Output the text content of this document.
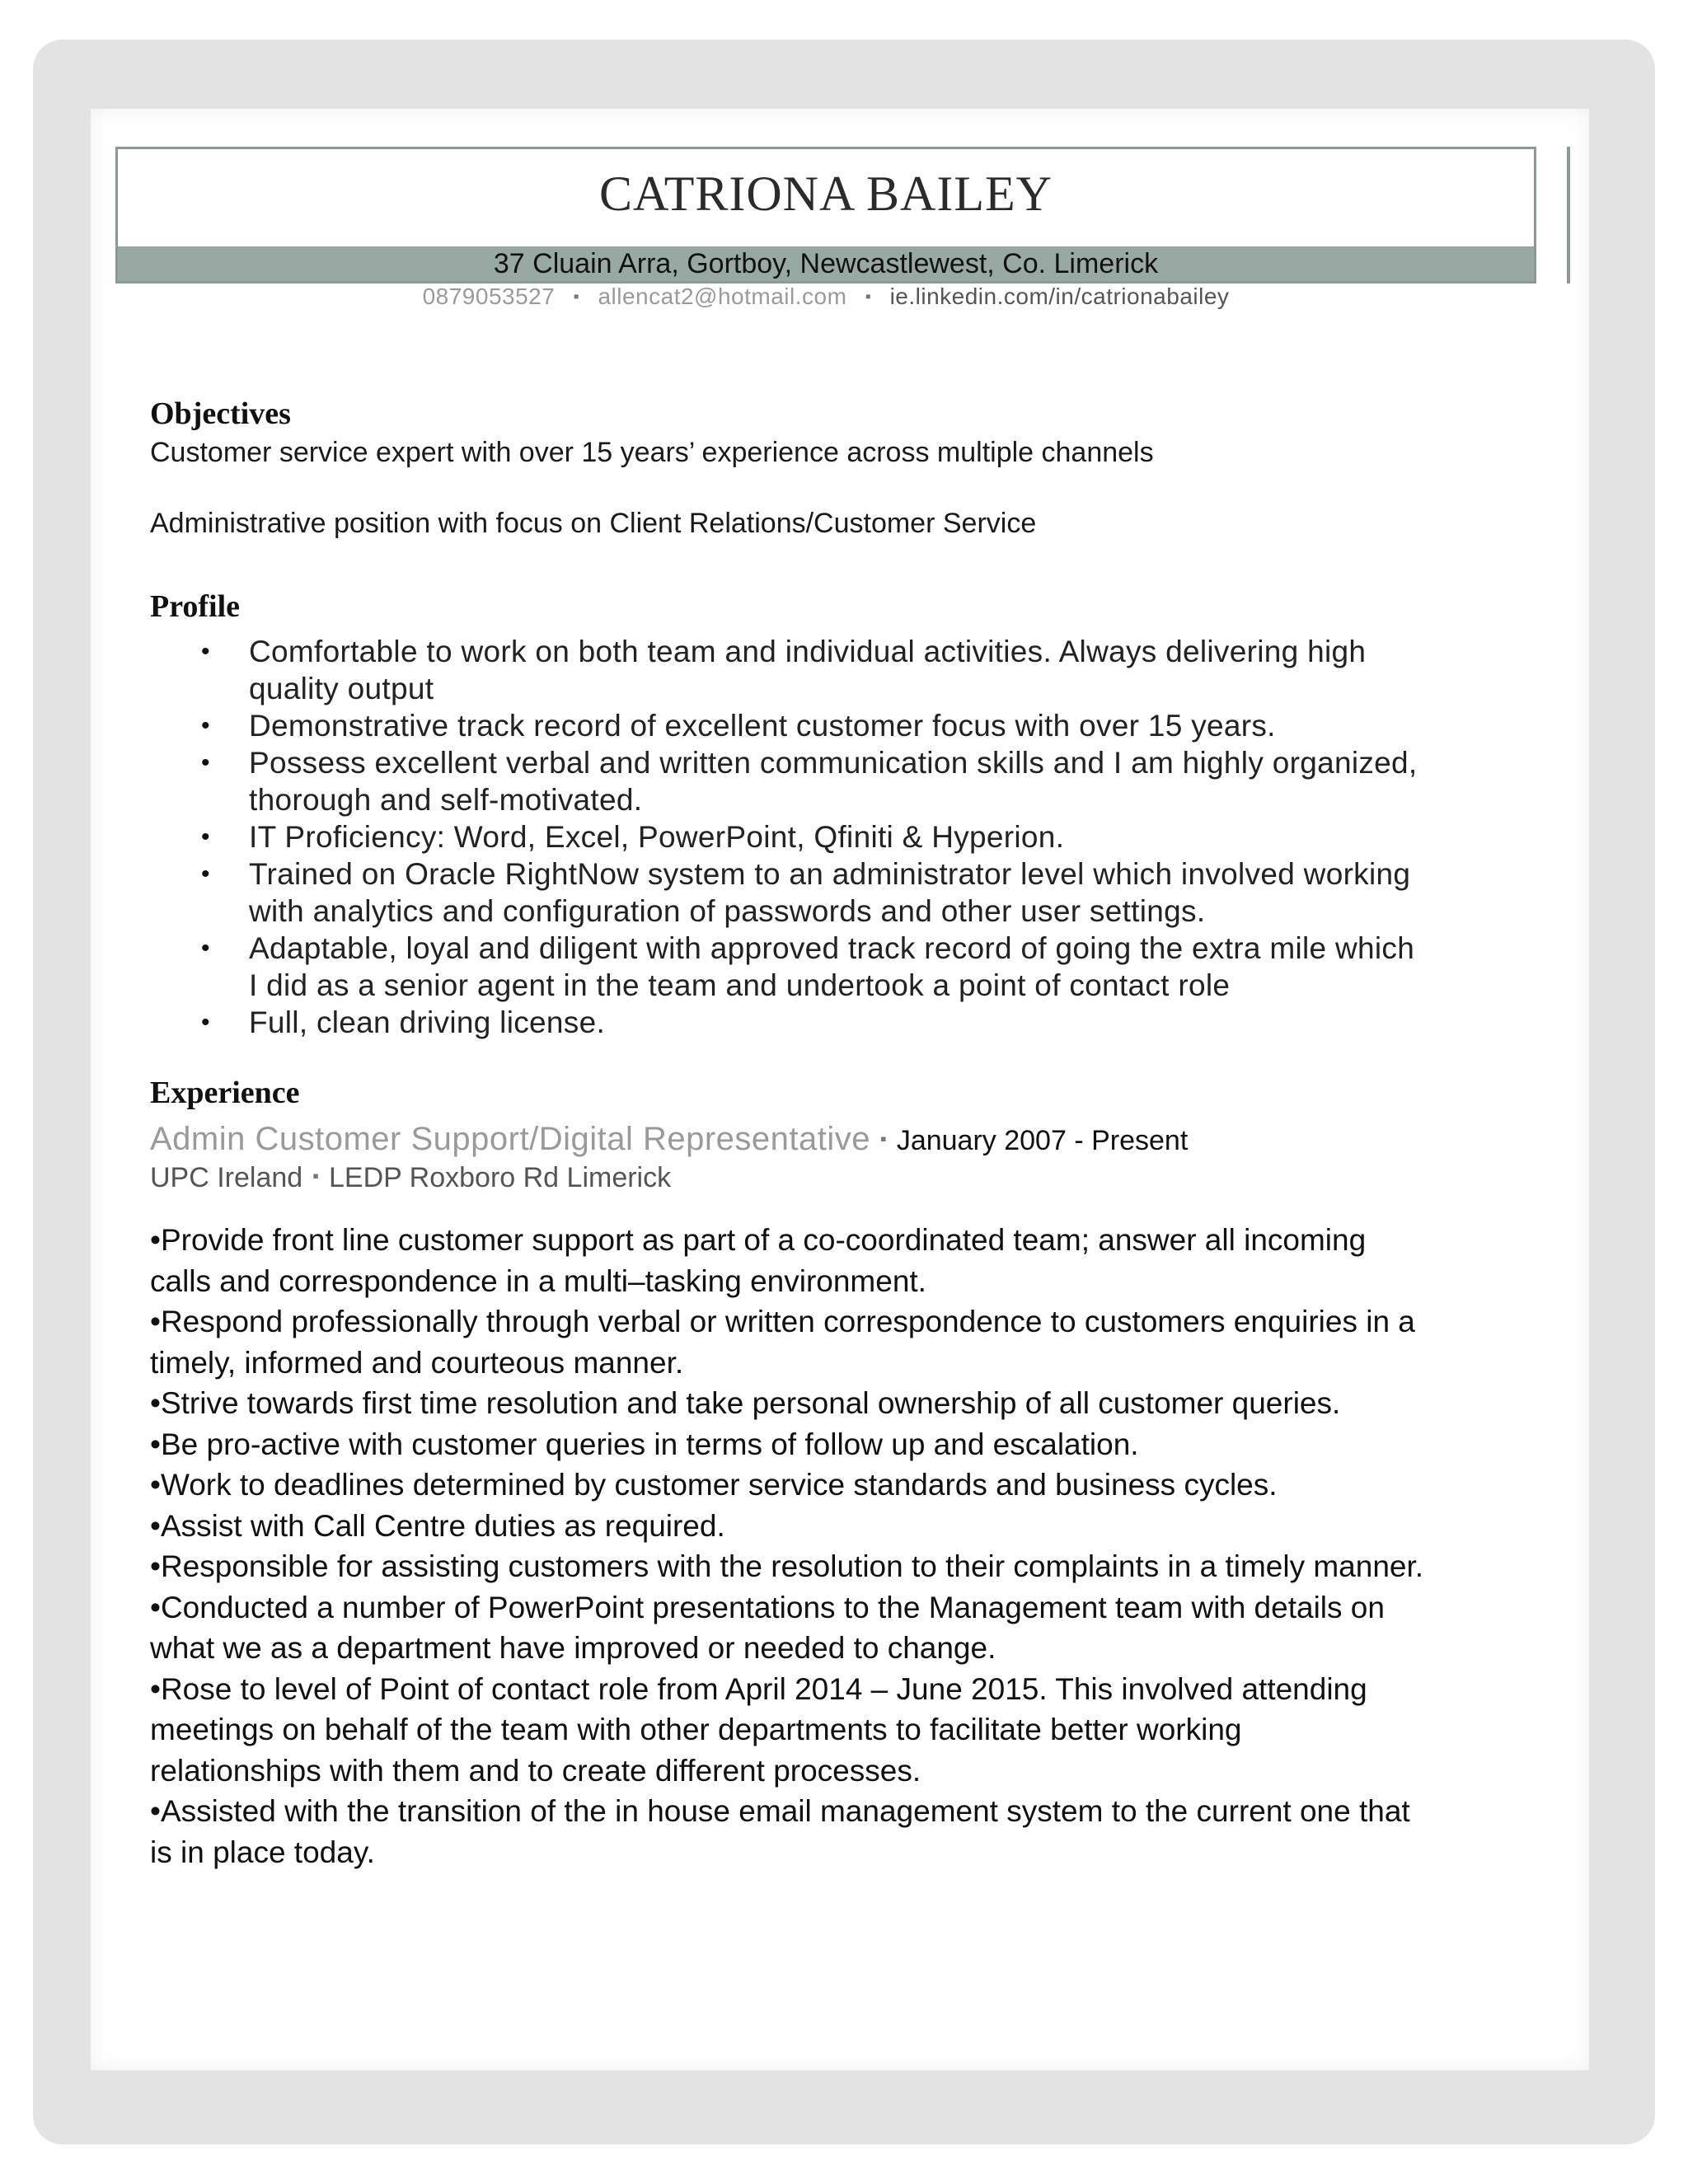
CATRIONA BAILEY
37 Cluain Arra, Gortboy, Newcastlewest, Co. Limerick
0879053527 ▪ allencat2@hotmail.com ▪ ie.linkedin.com/in/catrionabailey
Objectives
Customer service expert with over 15 years’ experience across multiple channels
Administrative position with focus on Client Relations/Customer Service
Profile
• Comfortable to work on both team and individual activities. Always delivering high
quality output
• Demonstrative track record of excellent customer focus with over 15 years.
• Possess excellent verbal and written communication skills and I am highly organized,
thorough and self-motivated.
• IT Proficiency: Word, Excel, PowerPoint, Qfiniti & Hyperion.
• Trained on Oracle RightNow system to an administrator level which involved working
with analytics and configuration of passwords and other user settings.
• Adaptable, loyal and diligent with approved track record of going the extra mile which
I did as a senior agent in the team and undertook a point of contact role
• Full, clean driving license.
Experience
Admin Customer Support/Digital Representative ▪ January 2007 - Present
UPC Ireland ▪ LEDP Roxboro Rd Limerick

•Provide front line customer support as part of a co-coordinated team; answer all incoming

calls and correspondence in a multi–tasking environment.

•Respond professionally through verbal or written correspondence to customers enquiries in a

timely, informed and courteous manner.

•Strive towards first time resolution and take personal ownership of all customer queries.

•Be pro-active with customer queries in terms of follow up and escalation.

•Work to deadlines determined by customer service standards and business cycles.

•Assist with Call Centre duties as required.

•Responsible for assisting customers with the resolution to their complaints in a timely manner.

•Conducted a number of PowerPoint presentations to the Management team with details on

what we as a department have improved or needed to change.

•Rose to level of Point of contact role from April 2014 – June 2015. This involved attending

meetings on behalf of the team with other departments to facilitate better working

relationships with them and to create different processes.

•Assisted with the transition of the in house email management system to the current one that

is in place today.
